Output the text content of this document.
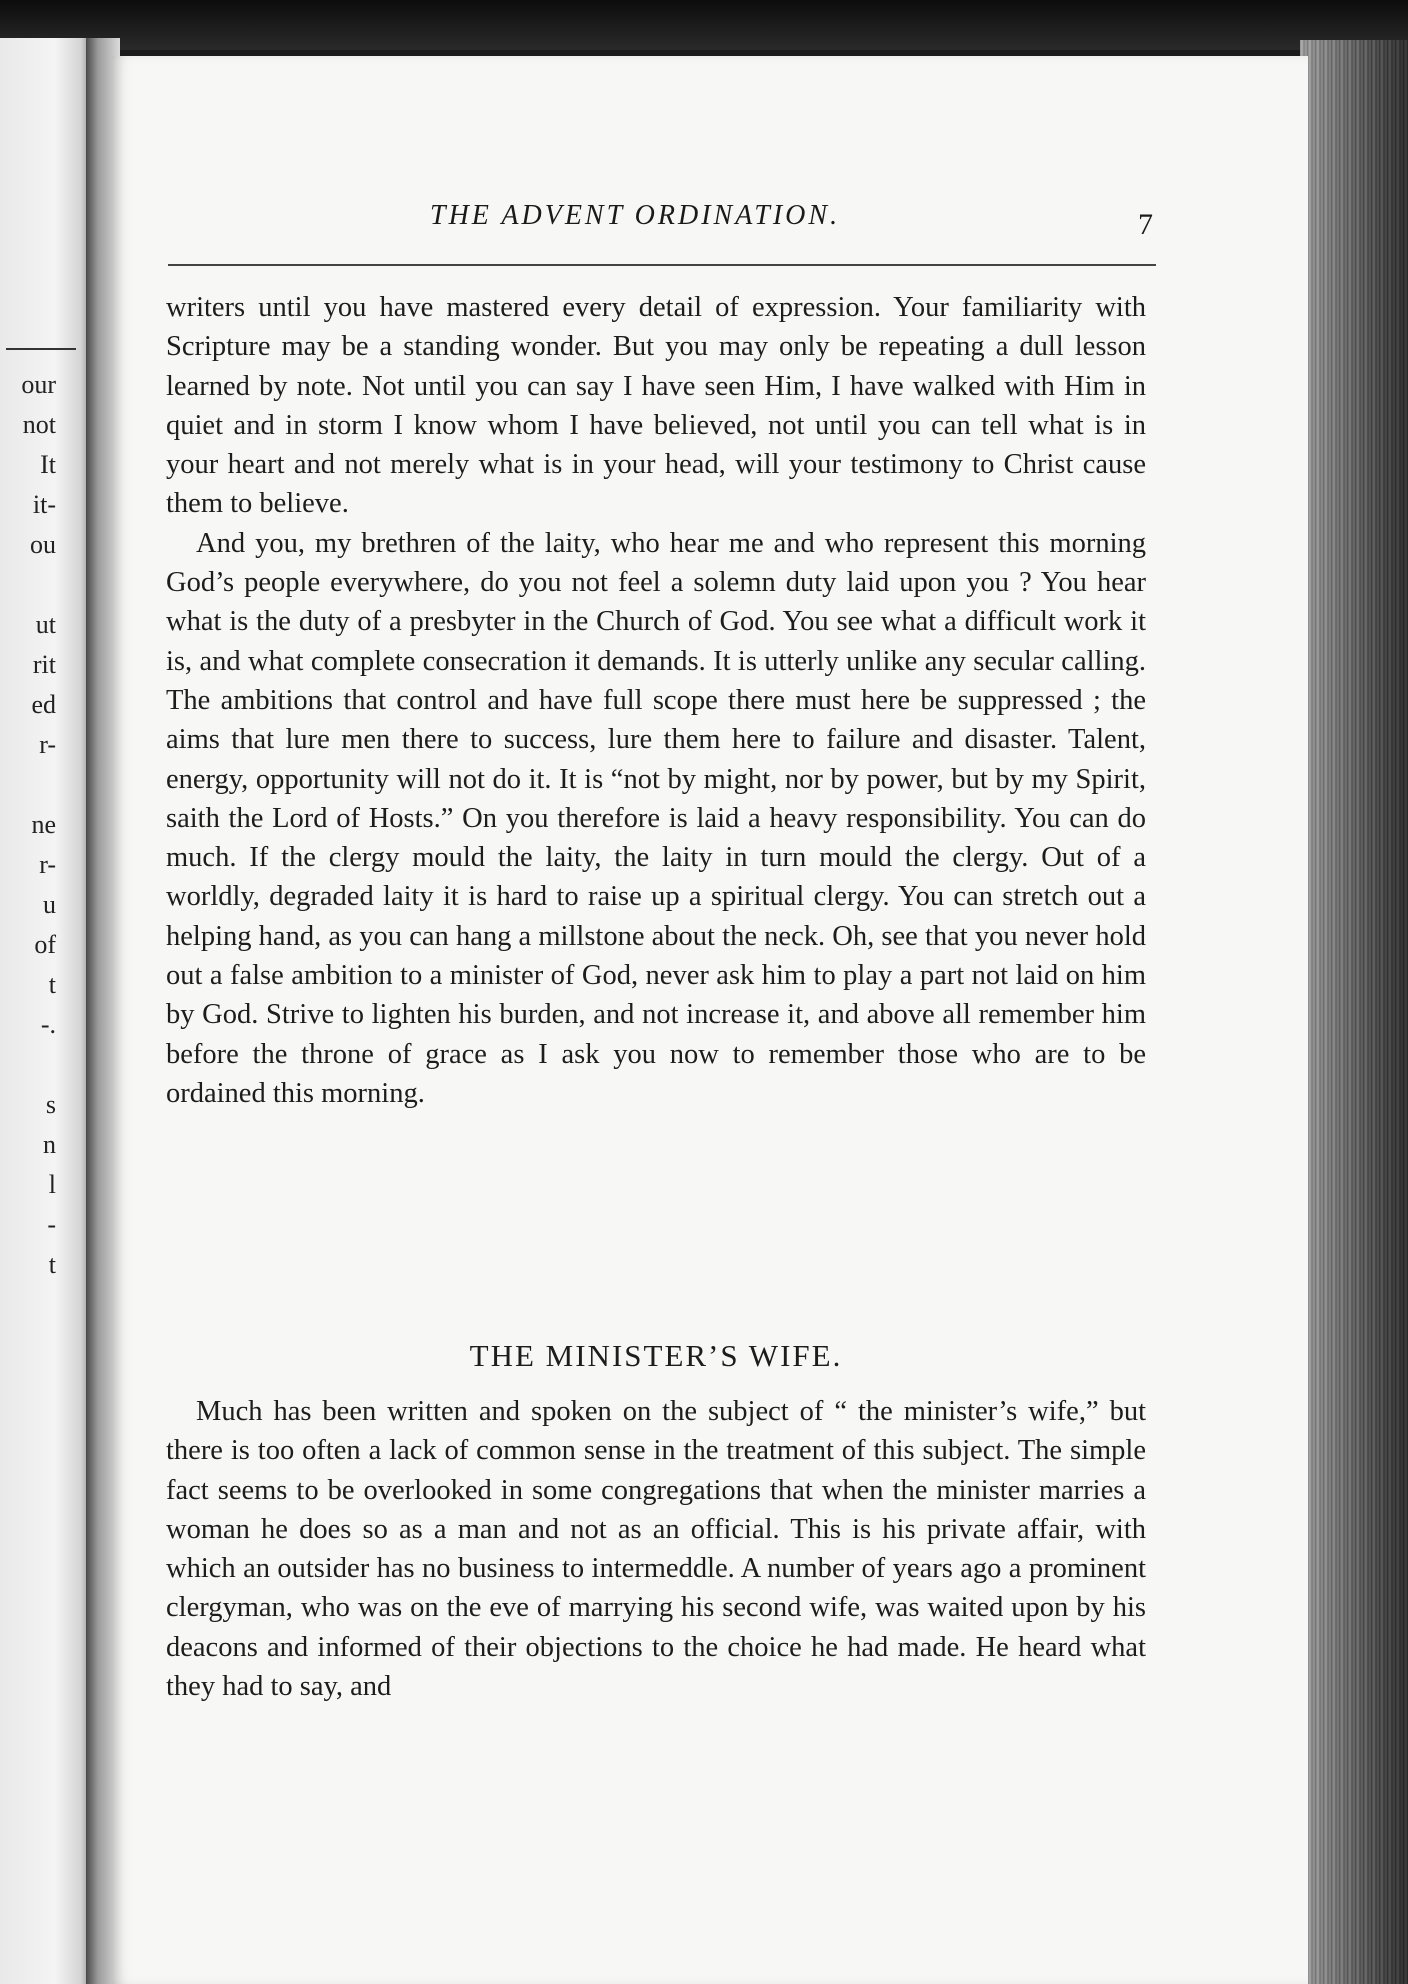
our
not
It
it-
ou
ut
rit
ed
r-
ne
r-
u
of
t
-.
s
n
l
-
t
THE ADVENT ORDINATION.	7

writers until you have mastered every detail of expression. Your familiarity with Scripture may be a standing wonder. But you may only be repeating a dull lesson learned by note. Not until you can say I have seen Him, I have walked with Him in quiet and in storm I know whom I have believed, not until you can tell what is in your heart and not merely what is in your head, will your testimony to Christ cause them to believe.

And you, my brethren of the laity, who hear me and who represent this morning God’s people everywhere, do you not feel a solemn duty laid upon you ? You hear what is the duty of a presbyter in the Church of God. You see what a difficult work it is, and what complete consecration it demands. It is utterly unlike any secular calling. The ambitions that control and have full scope there must here be suppressed ; the aims that lure men there to success, lure them here to failure and disaster. Talent, energy, opportunity will not do it. It is “not by might, nor by power, but by my Spirit, saith the Lord of Hosts.” On you therefore is laid a heavy responsibility. You can do much. If the clergy mould the laity, the laity in turn mould the clergy. Out of a worldly, degraded laity it is hard to raise up a spiritual clergy. You can stretch out a helping hand, as you can hang a millstone about the neck. Oh, see that you never hold out a false ambition to a minister of God, never ask him to play a part not laid on him by God. Strive to lighten his burden, and not increase it, and above all remember him before the throne of grace as I ask you now to remember those who are to be ordained this morning.

THE MINISTER’S WIFE.

Much has been written and spoken on the subject of “ the minister’s wife,” but there is too often a lack of common sense in the treatment of this subject. The simple fact seems to be overlooked in some congregations that when the minister marries a woman he does so as a man and not as an official. This is his private affair, with which an outsider has no business to intermeddle. A number of years ago a prominent clergyman, who was on the eve of marrying his second wife, was waited upon by his deacons and informed of their objections to the choice he had made. He heard what they had to say, and
